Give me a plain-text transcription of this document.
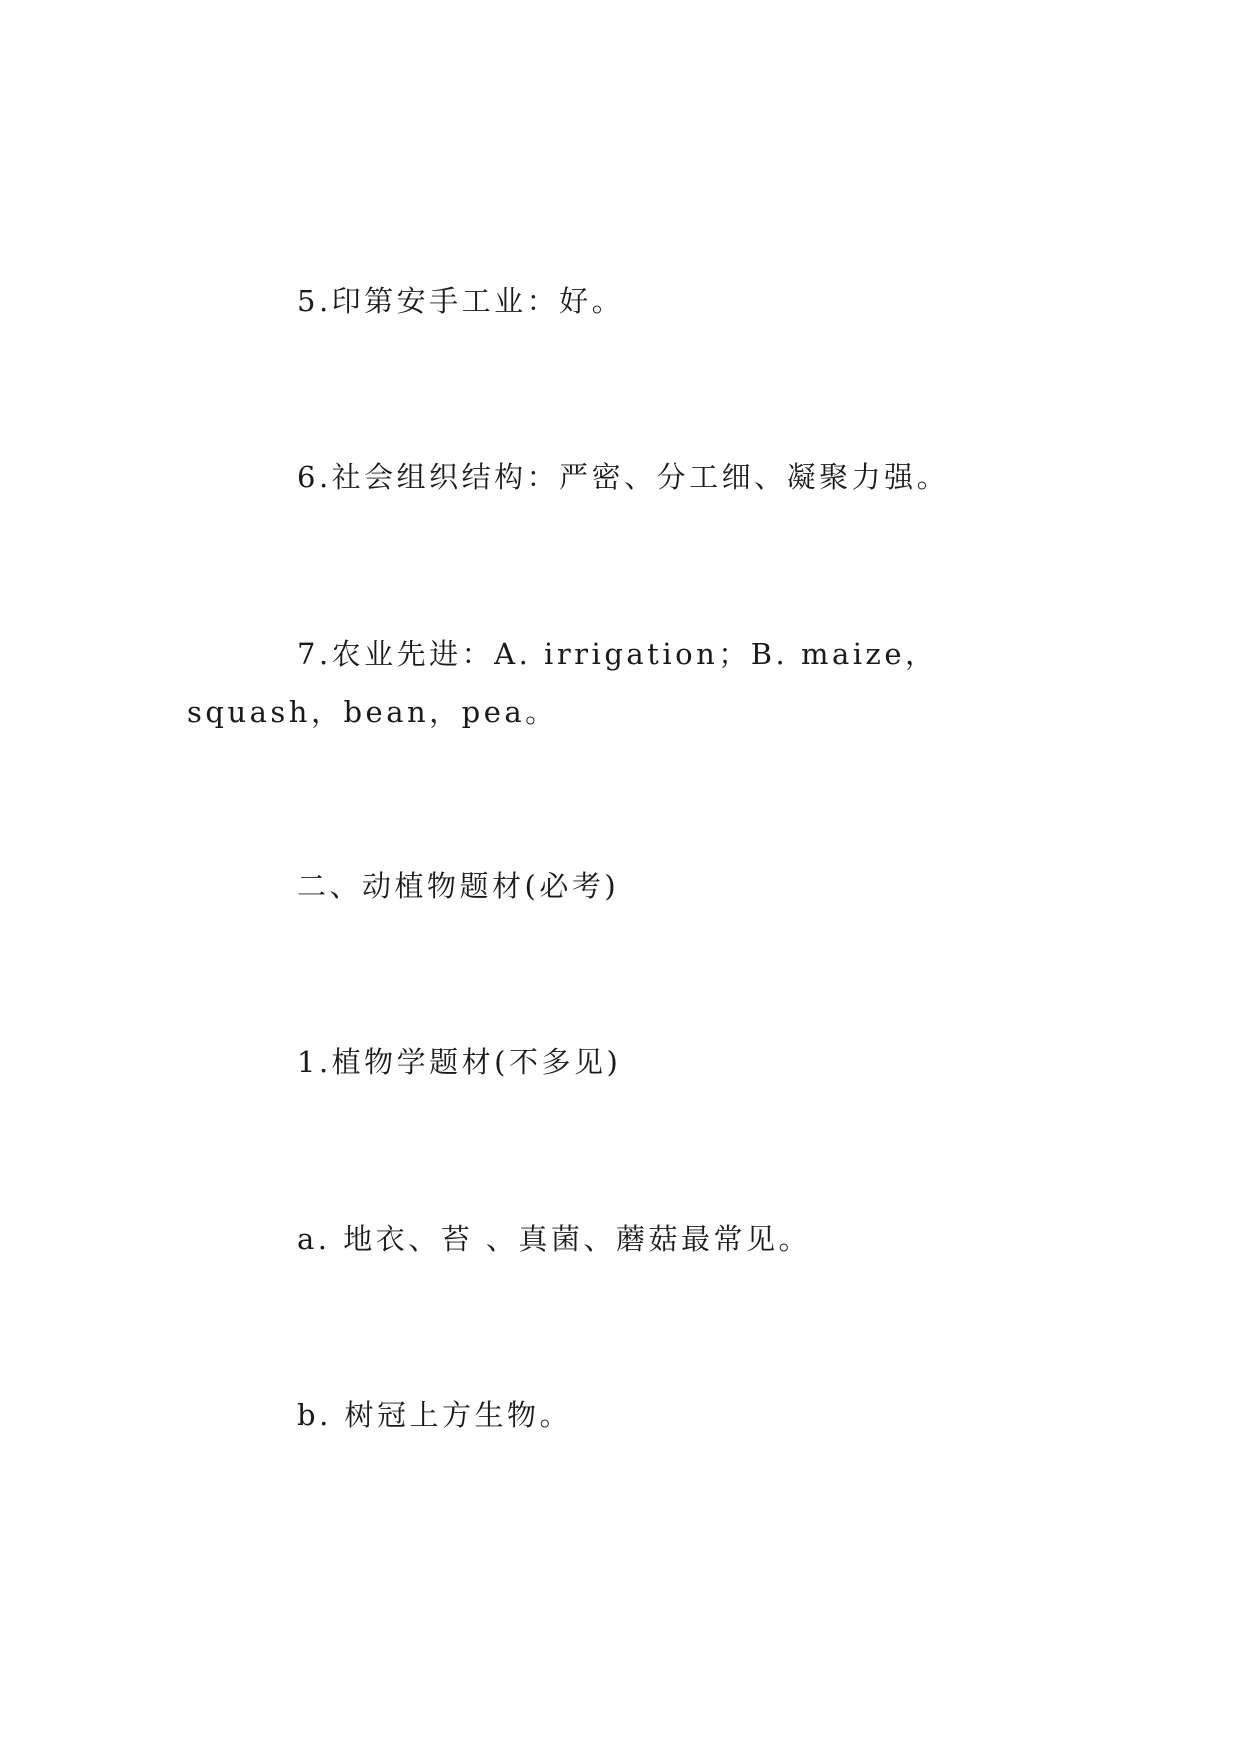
5.印第安手工业：好。

6.社会组织结构：严密、分工细、凝聚力强。

7.农业先进：A. irrigation；B. maize，squash，bean，pea。

二、动植物题材(必考)

1.植物学题材(不多见)

a. 地衣、苔 、真菌、蘑菇最常见。

b. 树冠上方生物。
